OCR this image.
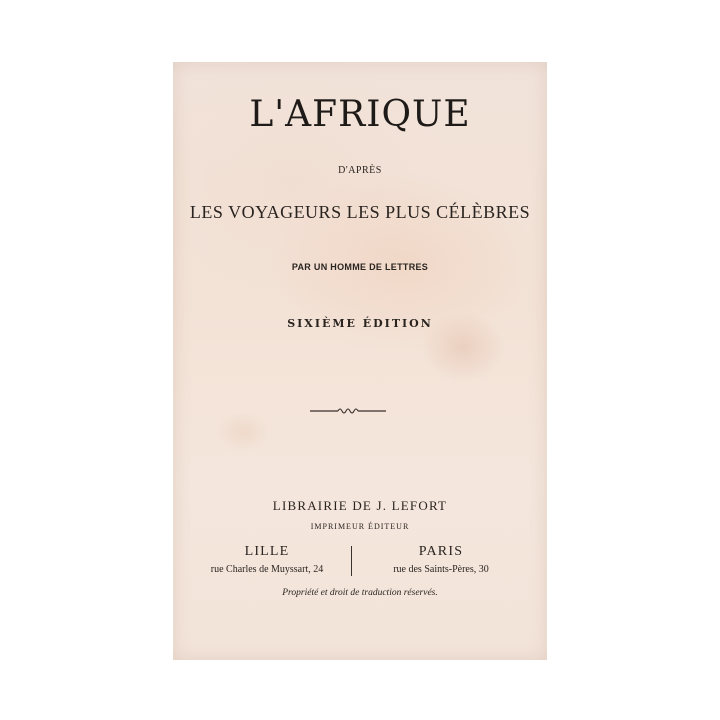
L'AFRIQUE
D'APRÈS
LES VOYAGEURS LES PLUS CÉLÈBRES
PAR UN HOMME DE LETTRES
SIXIÈME ÉDITION
LIBRAIRIE DE J. LEFORT
IMPRIMEUR ÉDITEUR
LILLE
rue Charles de Muyssart, 24
PARIS
rue des Saints-Pères, 30
Propriété et droit de traduction réservés.
